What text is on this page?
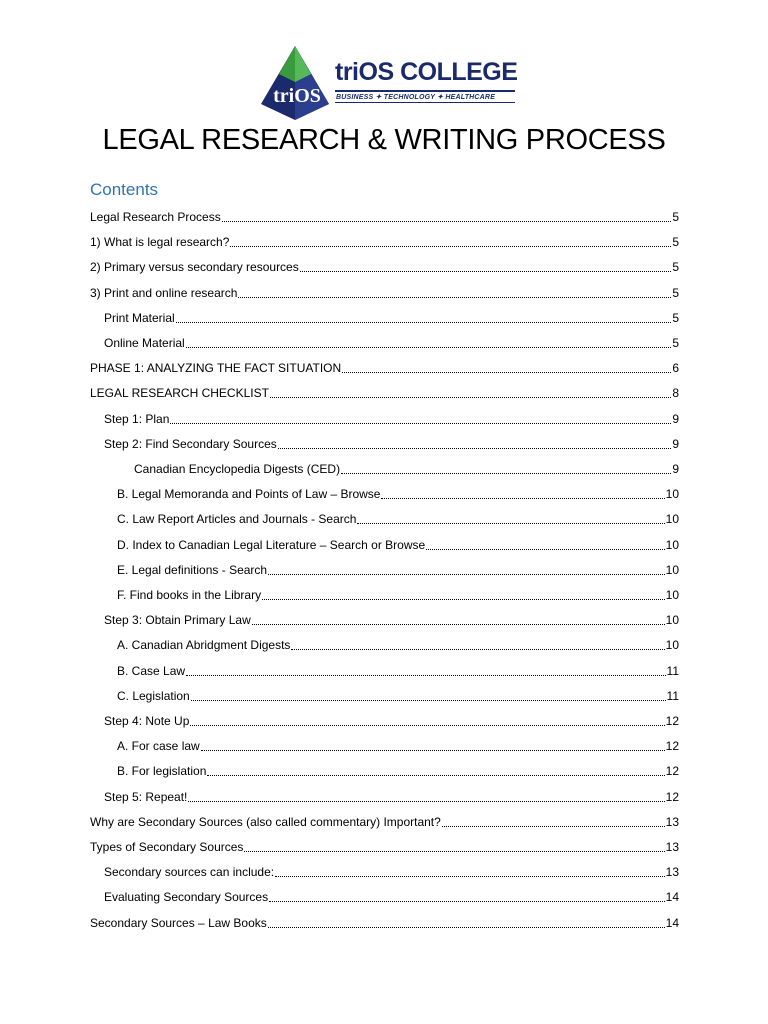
triOS
triOS COLLEGE
BUSINESS ✦ TECHNOLOGY ✦ HEALTHCARE
LEGAL RESEARCH & WRITING PROCESS
Contents
Legal Research Process	5
1) What is legal research?	5
2) Primary versus secondary resources	5
3) Print and online research	5
Print Material	5
Online Material	5
PHASE 1: ANALYZING THE FACT SITUATION	6
LEGAL RESEARCH CHECKLIST	8
Step 1: Plan	9
Step 2: Find Secondary Sources	9
Canadian Encyclopedia Digests (CED)	9
B. Legal Memoranda and Points of Law – Browse	10
C. Law Report Articles and Journals - Search	10
D. Index to Canadian Legal Literature – Search or Browse	10
E. Legal definitions - Search	10
F. Find books in the Library	10
Step 3: Obtain Primary Law	10
A. Canadian Abridgment Digests	10
B. Case Law	11
C. Legislation	11
Step 4: Note Up	12
A. For case law	12
B. For legislation	12
Step 5: Repeat!	12
Why are Secondary Sources (also called commentary) Important?	13
Types of Secondary Sources	13
Secondary sources can include:	13
Evaluating Secondary Sources	14
Secondary Sources – Law Books	14
